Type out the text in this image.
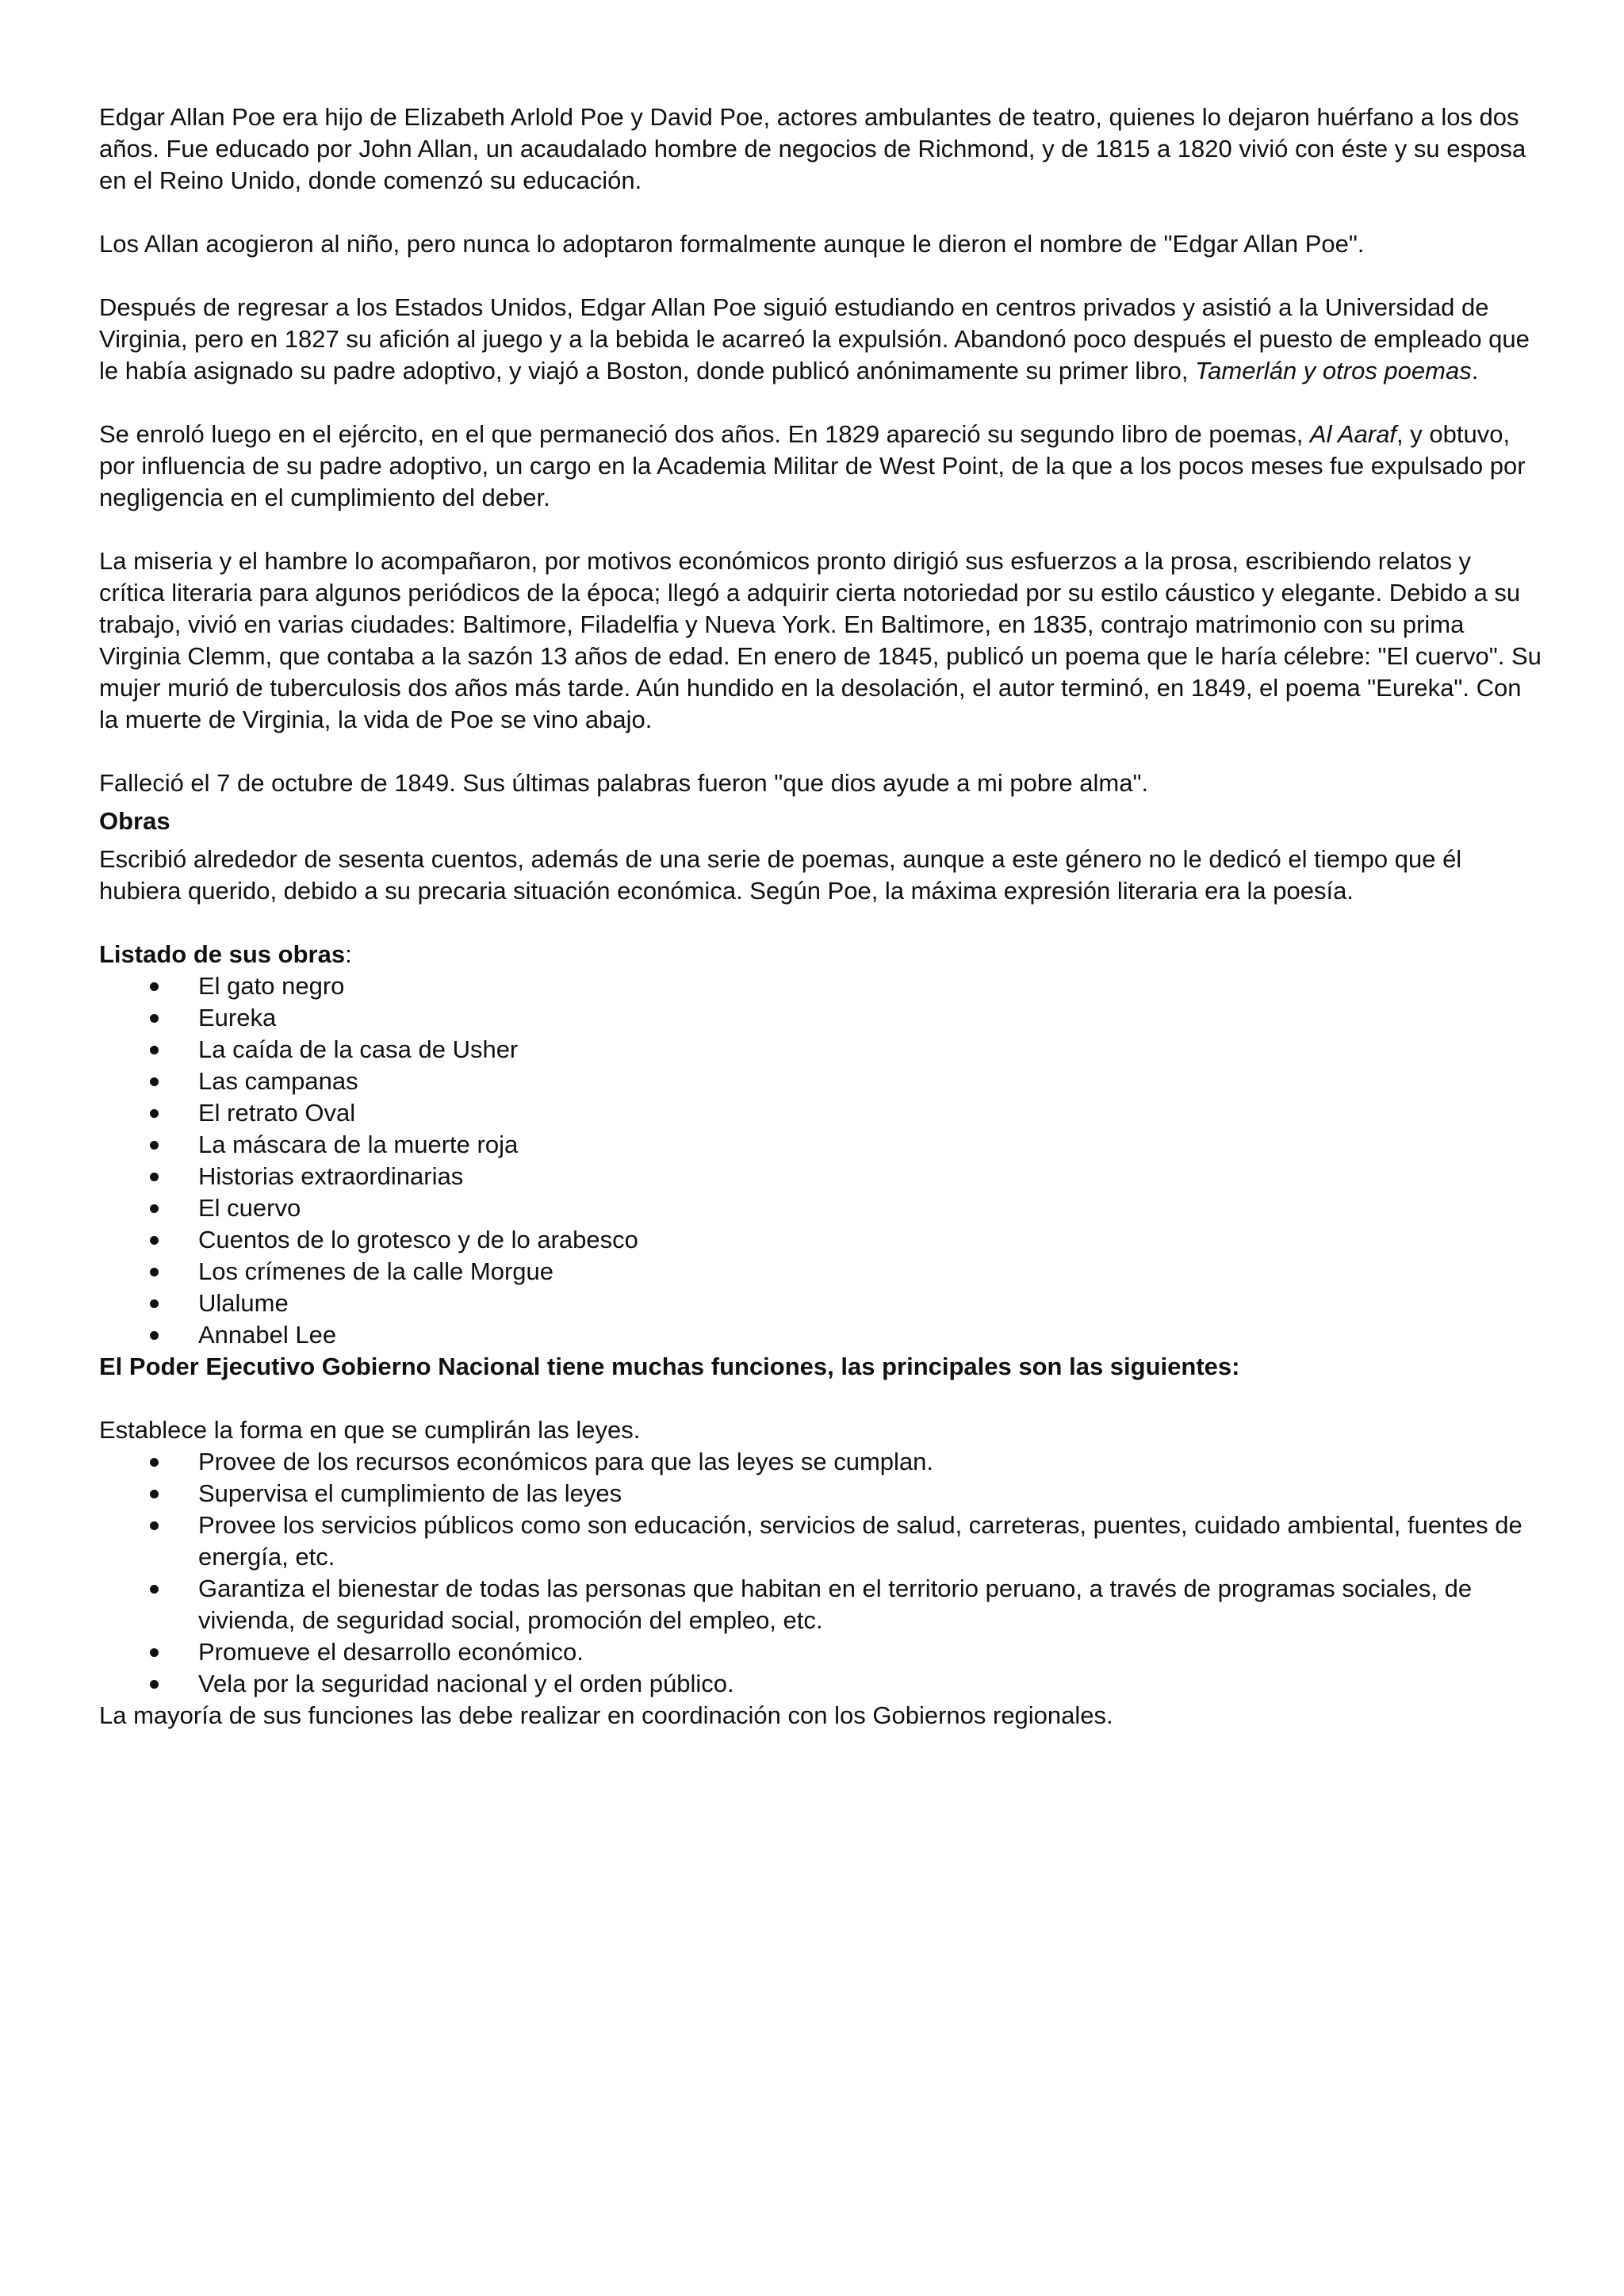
Edgar Allan Poe era hijo de Elizabeth Arlold Poe y David Poe, actores ambulantes de teatro, quienes lo dejaron huérfano a los dos años. Fue educado por John Allan, un acaudalado hombre de negocios de Richmond, y de 1815 a 1820 vivió con éste y su esposa en el Reino Unido, donde comenzó su educación.

Los Allan acogieron al niño, pero nunca lo adoptaron formalmente aunque le dieron el nombre de "Edgar Allan Poe".

Después de regresar a los Estados Unidos, Edgar Allan Poe siguió estudiando en centros privados y asistió a la Universidad de Virginia, pero en 1827 su afición al juego y a la bebida le acarreó la expulsión. Abandonó poco después el puesto de empleado que le había asignado su padre adoptivo, y viajó a Boston, donde publicó anónimamente su primer libro, Tamerlán y otros poemas.

Se enroló luego en el ejército, en el que permaneció dos años. En 1829 apareció su segundo libro de poemas, Al Aaraf, y obtuvo, por influencia de su padre adoptivo, un cargo en la Academia Militar de West Point, de la que a los pocos meses fue expulsado por negligencia en el cumplimiento del deber.

La miseria y el hambre lo acompañaron, por motivos económicos pronto dirigió sus esfuerzos a la prosa, escribiendo relatos y crítica literaria para algunos periódicos de la época; llegó a adquirir cierta notoriedad por su estilo cáustico y elegante. Debido a su trabajo, vivió en varias ciudades: Baltimore, Filadelfia y Nueva York. En Baltimore, en 1835, contrajo matrimonio con su prima Virginia Clemm, que contaba a la sazón 13 años de edad. En enero de 1845, publicó un poema que le haría célebre: "El cuervo". Su mujer murió de tuberculosis dos años más tarde. Aún hundido en la desolación, el autor terminó, en 1849, el poema "Eureka". Con la muerte de Virginia, la vida de Poe se vino abajo.

Falleció el 7 de octubre de 1849. Sus últimas palabras fueron "que dios ayude a mi pobre alma".

Obras

Escribió alrededor de sesenta cuentos, además de una serie de poemas, aunque a este género no le dedicó el tiempo que él hubiera querido, debido a su precaria situación económica. Según Poe, la máxima expresión literaria era la poesía.

Listado de sus obras:

El gato negro
Eureka
La caída de la casa de Usher
Las campanas
El retrato Oval
La máscara de la muerte roja
Historias extraordinarias
El cuervo
Cuentos de lo grotesco y de lo arabesco
Los crímenes de la calle Morgue
Ulalume
Annabel Lee

El Poder Ejecutivo Gobierno Nacional tiene muchas funciones, las principales son las siguientes:

Establece la forma en que se cumplirán las leyes.

Provee de los recursos económicos para que las leyes se cumplan.
Supervisa el cumplimiento de las leyes
Provee los servicios públicos como son educación, servicios de salud, carreteras, puentes, cuidado ambiental, fuentes de energía, etc.
Garantiza el bienestar de todas las personas que habitan en el territorio peruano, a través de programas sociales, de vivienda, de seguridad social, promoción del empleo, etc.
Promueve el desarrollo económico.
Vela por la seguridad nacional y el orden público.

La mayoría de sus funciones las debe realizar en coordinación con los Gobiernos regionales.
